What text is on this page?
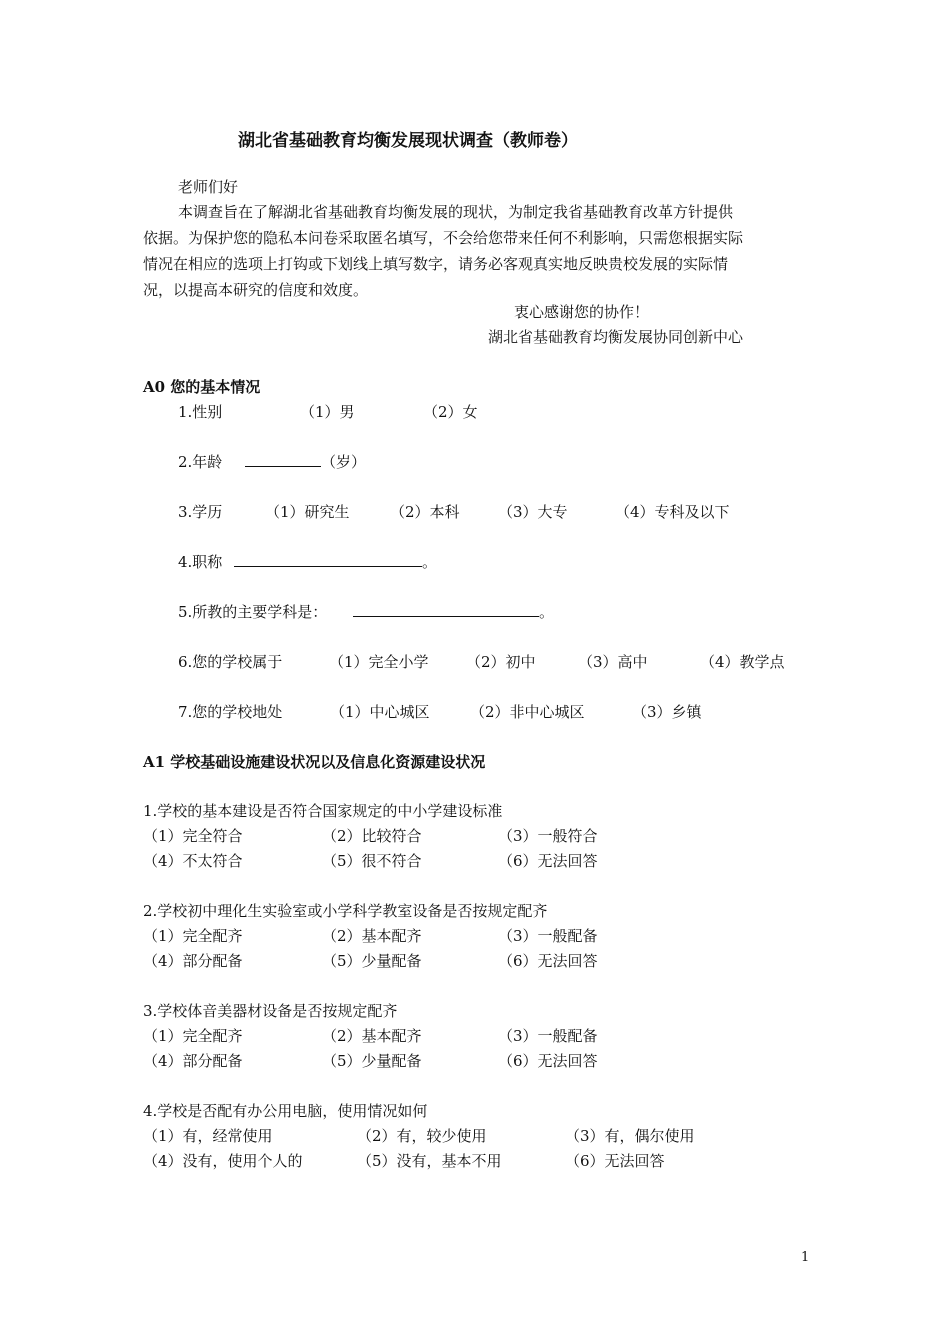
湖北省基础教育均衡发展现状调查（教师卷）
老师们好
本调查旨在了解湖北省基础教育均衡发展的现状，为制定我省基础教育改革方针提供
依据。为保护您的隐私本问卷采取匿名填写，不会给您带来任何不利影响，只需您根据实际
情况在相应的选项上打钩或下划线上填写数字，请务必客观真实地反映贵校发展的实际情
况，以提高本研究的信度和效度。
衷心感谢您的协作！
湖北省基础教育均衡发展协同创新中心
A0 您的基本情况
1.性别	（1）男	（2）女
2.年龄	（岁）
3.学历	（1）研究生	（2）本科	（3）大专	（4）专科及以下
4.职称	。
5.所教的主要学科是：	。
6.您的学校属于	（1）完全小学 （2）初中	（3）高中	（4）教学点
7.您的学校地处	（1）中心城区	（2）非中心城区	（3）乡镇
A1 学校基础设施建设状况以及信息化资源建设状况
1.学校的基本建设是否符合国家规定的中小学建设标准
（1）完全符合	（2）比较符合	（3）一般符合
（4）不太符合	（5）很不符合	（6）无法回答
2.学校初中理化生实验室或小学科学教室设备是否按规定配齐
（1）完全配齐	（2）基本配齐	（3）一般配备
（4）部分配备	（5）少量配备	（6）无法回答
3.学校体音美器材设备是否按规定配齐
（1）完全配齐	（2）基本配齐	（3）一般配备
（4）部分配备	（5）少量配备	（6）无法回答
4.学校是否配有办公用电脑，使用情况如何
（1）有，经常使用	（2）有，较少使用	（3）有，偶尔使用
（4）没有，使用个人的	（5）没有，基本不用	（6）无法回答
1
